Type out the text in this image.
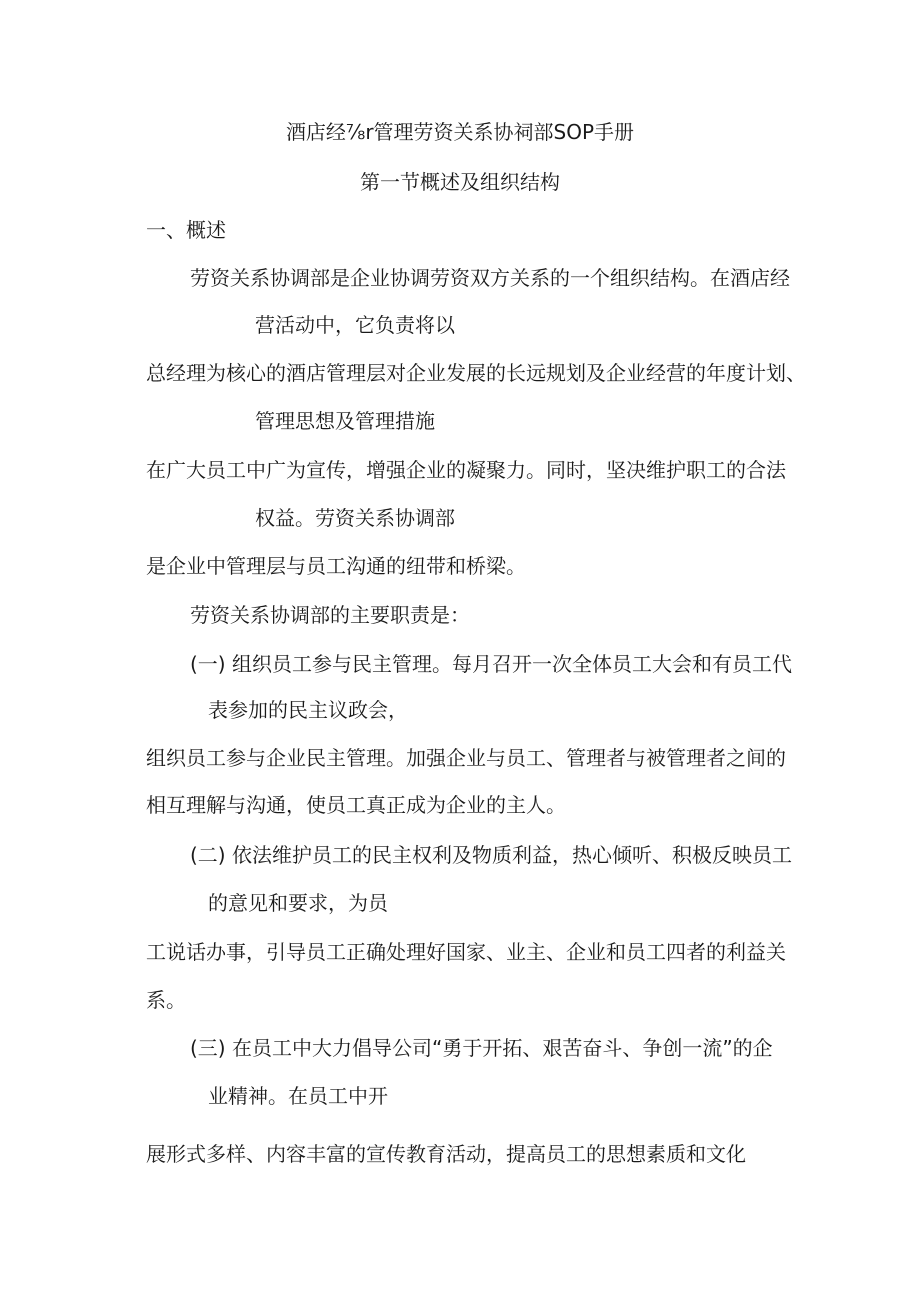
酒店经⅞r管理劳资关系协祠部SOP手册
第一节概述及组织结构
一、概述
劳资关系协调部是企业协调劳资双方关系的一个组织结构。在酒店经
营活动中，它负责将以
总经理为核心的酒店管理层对企业发展的长远规划及企业经营的年度计划、
管理思想及管理措施
在广大员工中广为宣传，增强企业的凝聚力。同时，坚决维护职工的合法
权益。劳资关系协调部
是企业中管理层与员工沟通的纽带和桥梁。
劳资关系协调部的主要职责是：
(一) 组织员工参与民主管理。每月召开一次全体员工大会和有员工代
表参加的民主议政会，
组织员工参与企业民主管理。加强企业与员工、管理者与被管理者之间的
相互理解与沟通，使员工真正成为企业的主人。
(二) 依法维护员工的民主权利及物质利益，热心倾听、积极反映员工
的意见和要求，为员
工说话办事，引导员工正确处理好国家、业主、企业和员工四者的利益关
系。
(三) 在员工中大力倡导公司“勇于开拓、艰苦奋斗、争创一流”的企
业精神。在员工中开
展形式多样、内容丰富的宣传教育活动，提高员工的思想素质和文化
